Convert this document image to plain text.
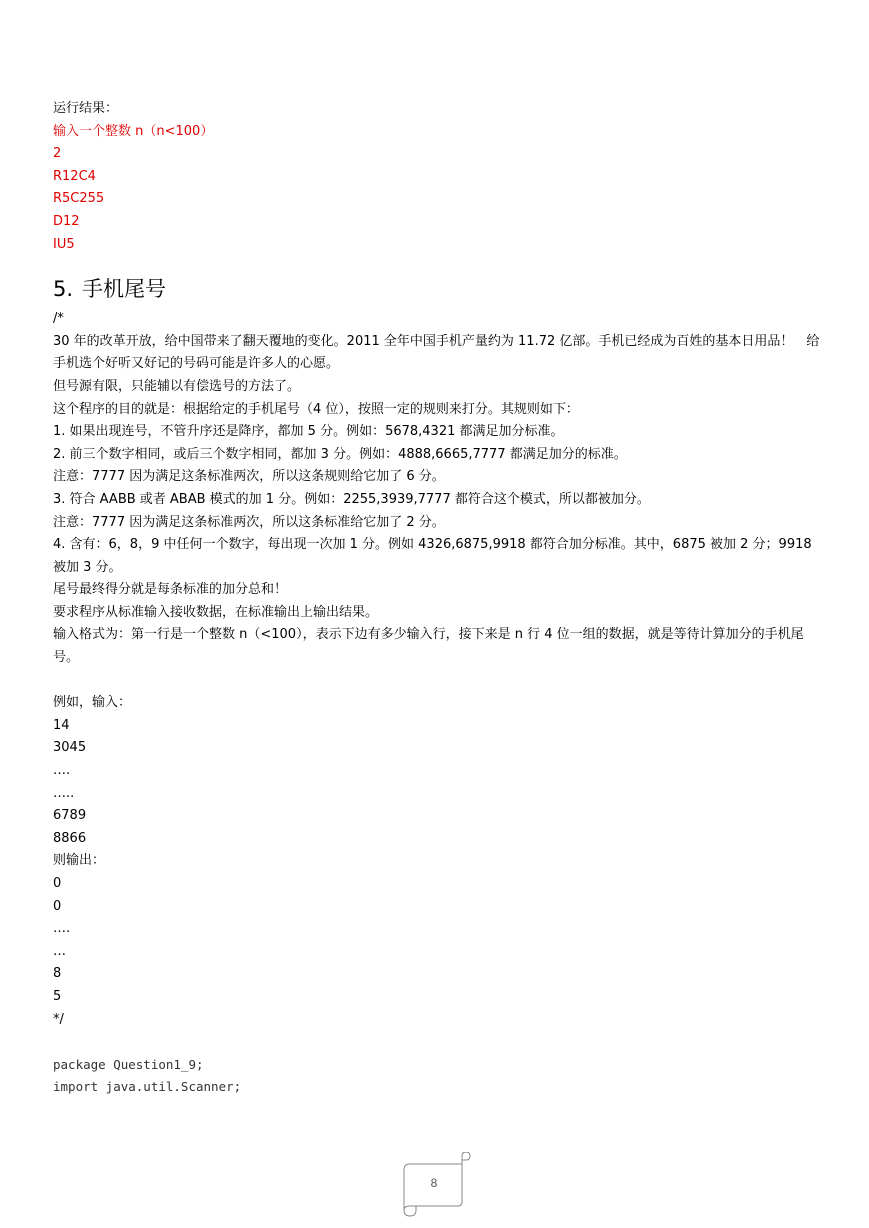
运行结果：
输入一个整数 n（n<100）
2
R12C4
R5C255
D12
IU5
5. 手机尾号
/*
30 年的改革开放，给中国带来了翻天覆地的变化。2011 全年中国手机产量约为 11.72 亿部。手机已经成为百姓的基本日用品！　给手机选个好听又好记的号码可能是许多人的心愿。
但号源有限，只能辅以有偿选号的方法了。
这个程序的目的就是：根据给定的手机尾号（4 位），按照一定的规则来打分。其规则如下：
1. 如果出现连号，不管升序还是降序，都加 5 分。例如：5678,4321 都满足加分标准。
2. 前三个数字相同，或后三个数字相同，都加 3 分。例如：4888,6665,7777 都满足加分的标准。
注意：7777 因为满足这条标准两次，所以这条规则给它加了 6 分。
3. 符合 AABB 或者 ABAB 模式的加 1 分。例如：2255,3939,7777 都符合这个模式，所以都被加分。
注意：7777 因为满足这条标准两次，所以这条标准给它加了 2 分。
4. 含有：6，8，9 中任何一个数字，每出现一次加 1 分。例如 4326,6875,9918 都符合加分标准。其中，6875 被加 2 分；9918 被加 3 分。
尾号最终得分就是每条标准的加分总和！
要求程序从标准输入接收数据，在标准输出上输出结果。
输入格式为：第一行是一个整数 n（<100），表示下边有多少输入行，接下来是 n 行 4 位一组的数据，就是等待计算加分的手机尾号。
例如，输入：
14
3045
….
…..
6789
8866
则输出：
0
0
….
…
8
5
*/
package Question1_9;
import java.util.Scanner;
8
